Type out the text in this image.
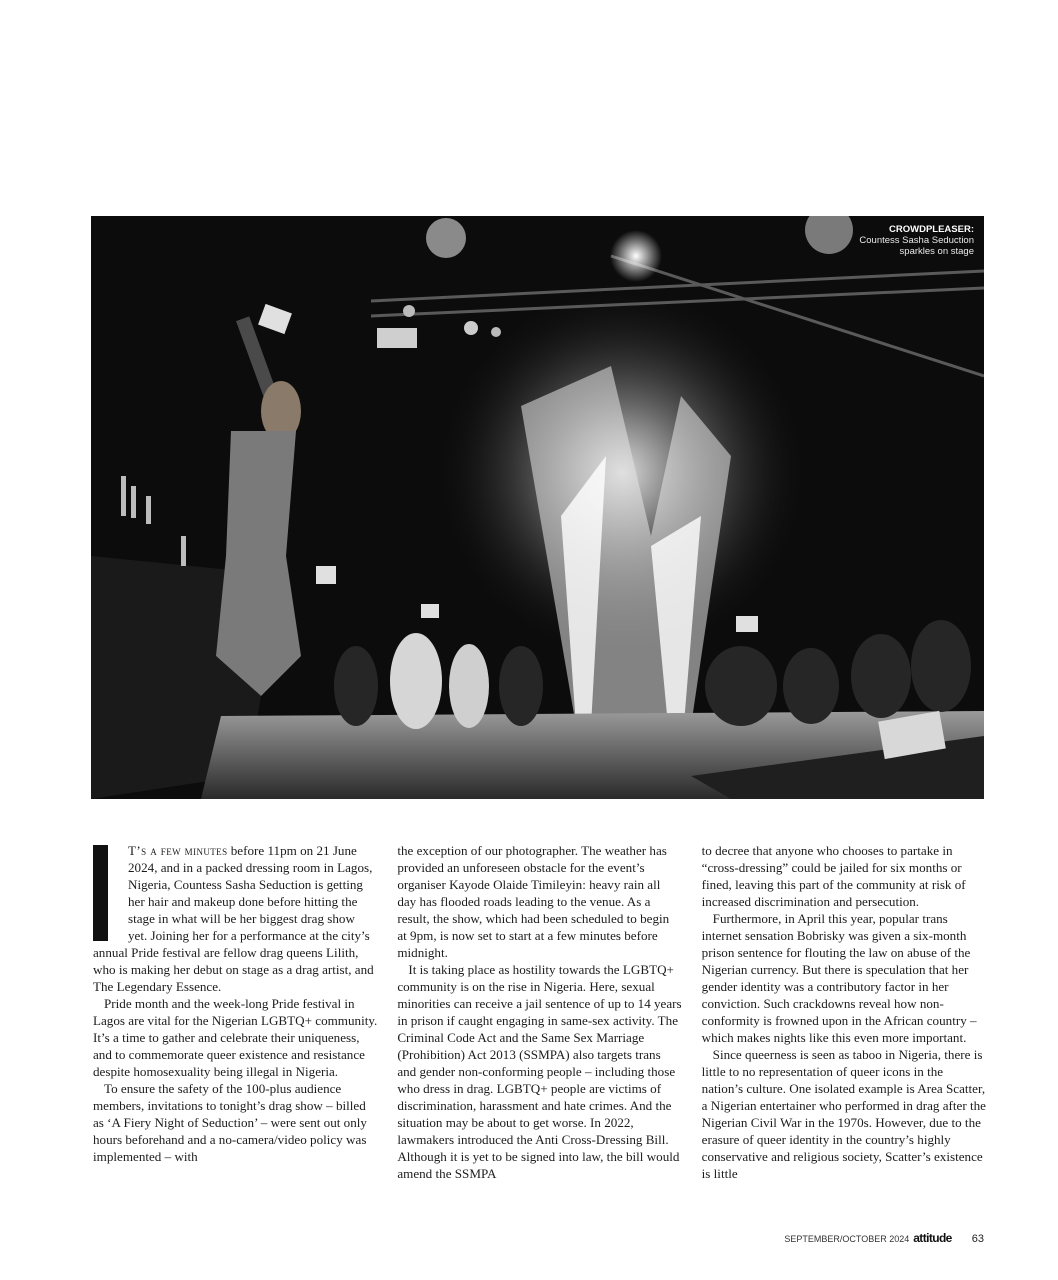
CROWDPLEASER:
Countess Sasha Seduction
sparkles on stage

T’s a few minutes before 11pm on 21 June 2024, and in a packed dressing room in Lagos, Nigeria, Countess Sasha Seduction is getting her hair and makeup done before hitting the stage in what will be her biggest drag show yet. Joining her for a performance at the city’s annual Pride festival are fellow drag queens Lilith, who is making her debut on stage as a drag artist, and The Legendary Essence.

Pride month and the week-long Pride festival in Lagos are vital for the Nigerian LGBTQ+ community. It’s a time to gather and celebrate their uniqueness, and to commemorate queer existence and resistance despite homosexuality being illegal in Nigeria.

To ensure the safety of the 100-plus audience members, invitations to tonight’s drag show – billed as ‘A Fiery Night of Seduction’ – were sent out only hours beforehand and a no-camera/video policy was implemented – with

the exception of our photographer. The weather has provided an unforeseen obstacle for the event’s organiser Kayode Olaide Timileyin: heavy rain all day has flooded roads leading to the venue. As a result, the show, which had been scheduled to begin at 9pm, is now set to start at a few minutes before midnight.

It is taking place as hostility towards the LGBTQ+ community is on the rise in Nigeria. Here, sexual minorities can receive a jail sentence of up to 14 years in prison if caught engaging in same-sex activity. The Criminal Code Act and the Same Sex Marriage (Prohibition) Act 2013 (SSMPA) also targets trans and gender non-conforming people – including those who dress in drag. LGBTQ+ people are victims of discrimination, harassment and hate crimes. And the situation may be about to get worse. In 2022, lawmakers introduced the Anti Cross-Dressing Bill. Although it is yet to be signed into law, the bill would amend the SSMPA

to decree that anyone who chooses to partake in “cross-dressing” could be jailed for six months or fined, leaving this part of the community at risk of increased discrimination and persecution.

Furthermore, in April this year, popular trans internet sensation Bobrisky was given a six-month prison sentence for flouting the law on abuse of the Nigerian currency. But there is speculation that her gender identity was a contributory factor in her conviction. Such crackdowns reveal how non-conformity is frowned upon in the African country – which makes nights like this even more important.

Since queerness is seen as taboo in Nigeria, there is little to no representation of queer icons in the nation’s culture. One isolated example is Area Scatter, a Nigerian entertainer who performed in drag after the Nigerian Civil War in the 1970s. However, due to the erasure of queer identity in the country’s highly conservative and religious society, Scatter’s existence is little

SEPTEMBER/OCTOBER 2024 attitude 63
